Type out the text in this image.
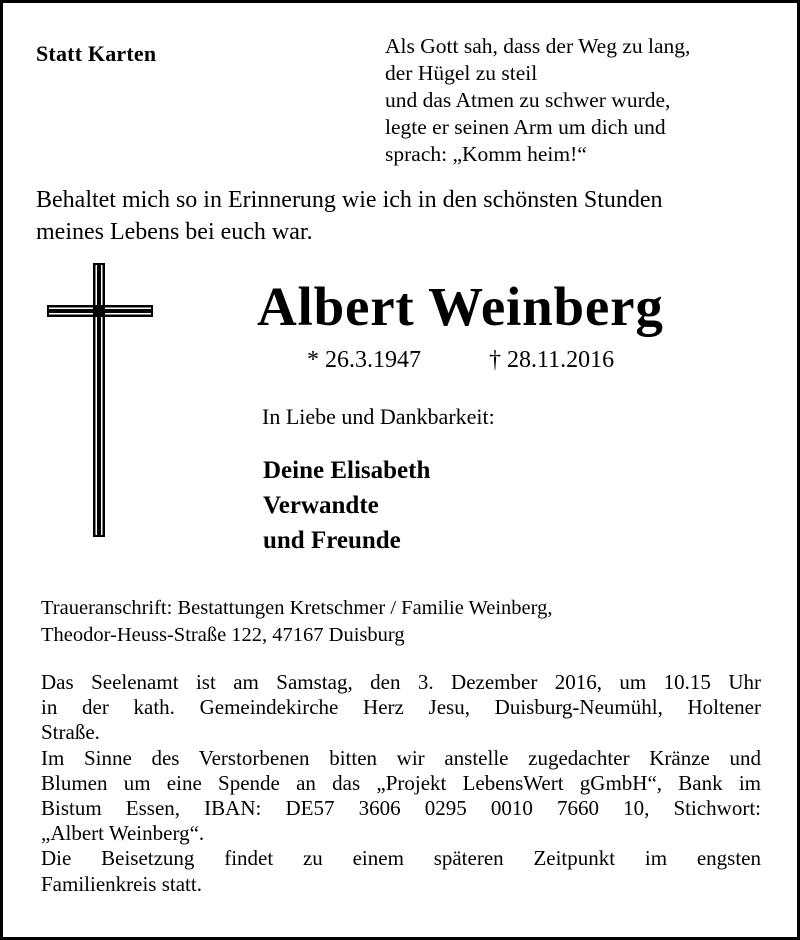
Statt Karten	Als Gott sah, dass der Weg zu lang,
der Hügel zu steil
und das Atmen zu schwer wurde,
legte er seinen Arm um dich und
sprach: „Komm heim!“
Behaltet mich so in Erinnerung wie ich in den schönsten Stunden
meines Lebens bei euch war.
Albert Weinberg
* 26.3.1947	† 28.11.2016
In Liebe und Dankbarkeit:
Deine Elisabeth
Verwandte
und Freunde
Traueranschrift: Bestattungen Kretschmer / Familie Weinberg,
Theodor-Heuss-Straße 122, 47167 Duisburg
Das Seelenamt ist am Samstag, den 3. Dezember 2016, um 10.15 Uhr
in der kath. Gemeindekirche Herz Jesu, Duisburg-Neumühl, Holtener
Straße.
Im Sinne des Verstorbenen bitten wir anstelle zugedachter Kränze und
Blumen um eine Spende an das „Projekt LebensWert gGmbH“, Bank im
Bistum Essen, IBAN: DE57 3606 0295 0010 7660 10, Stichwort:
„Albert Weinberg“.
Die Beisetzung findet zu einem späteren Zeitpunkt im engsten
Familienkreis statt.
